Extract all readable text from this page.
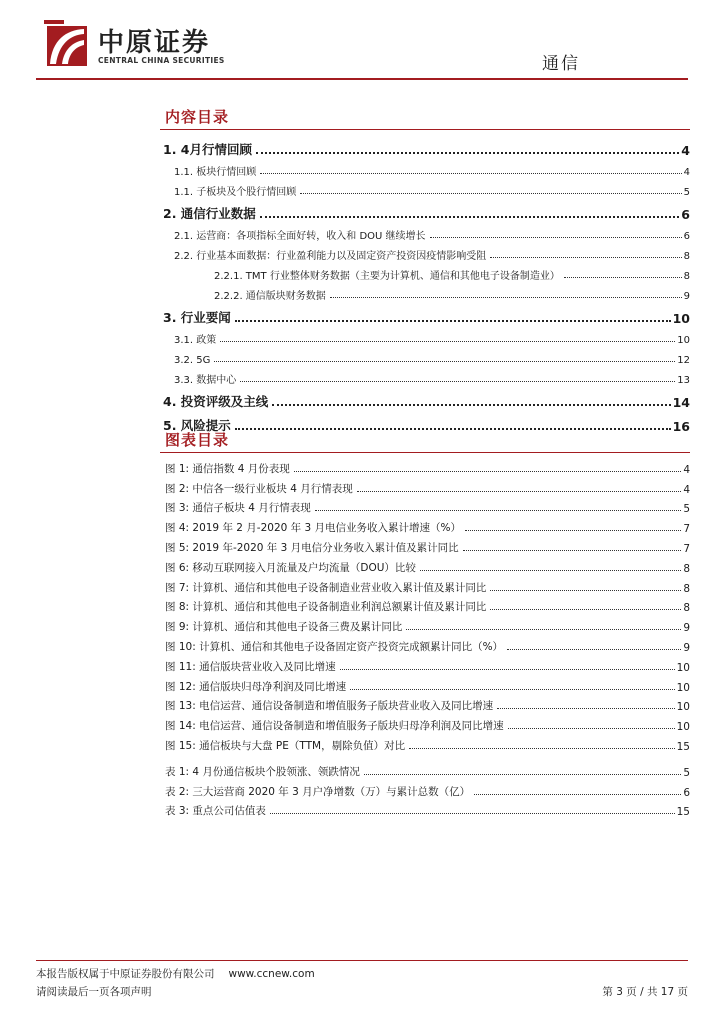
中原证券
CENTRAL CHINA SECURITIES	通信
内容目录
1. 4月行情回顾	4
1.1. 板块行情回顾	4
1.1. 子板块及个股行情回顾	5
2. 通信行业数据	6
2.1. 运营商：各项指标全面好转，收入和 DOU 继续增长	6
2.2. 行业基本面数据：行业盈利能力以及固定资产投资因疫情影响受阻	8
2.2.1. TMT 行业整体财务数据（主要为计算机、通信和其他电子设备制造业）	8
2.2.2. 通信版块财务数据	9
3. 行业要闻	10
3.1. 政策	10
3.2. 5G	12
3.3. 数据中心	13
4. 投资评级及主线	14
5. 风险提示	16
图表目录
图 1: 通信指数 4 月份表现	4
图 2: 中信各一级行业板块 4 月行情表现	4
图 3: 通信子板块 4 月行情表现	5
图 4: 2019 年 2 月-2020 年 3 月电信业务收入累计增速（%）	7
图 5: 2019 年-2020 年 3 月电信分业务收入累计值及累计同比	7
图 6: 移动互联网接入月流量及户均流量（DOU）比较	8
图 7: 计算机、通信和其他电子设备制造业营业收入累计值及累计同比	8
图 8: 计算机、通信和其他电子设备制造业利润总额累计值及累计同比	8
图 9: 计算机、通信和其他电子设备三费及累计同比	9
图 10: 计算机、通信和其他电子设备固定资产投资完成额累计同比（%）	9
图 11: 通信版块营业收入及同比增速	10
图 12: 通信版块归母净利润及同比增速	10
图 13: 电信运营、通信设备制造和增值服务子版块营业收入及同比增速	10
图 14: 电信运营、通信设备制造和增值服务子版块归母净利润及同比增速	10
图 15: 通信板块与大盘 PE（TTM，剔除负值）对比	15
表 1: 4 月份通信板块个股领涨、领跌情况	5
表 2: 三大运营商 2020 年 3 月户净增数（万）与累计总数（亿）	6
表 3: 重点公司估值表	15
本报告版权属于中原证券股份有限公司 www.ccnew.com
请阅读最后一页各项声明	第 3 页 / 共 17 页
